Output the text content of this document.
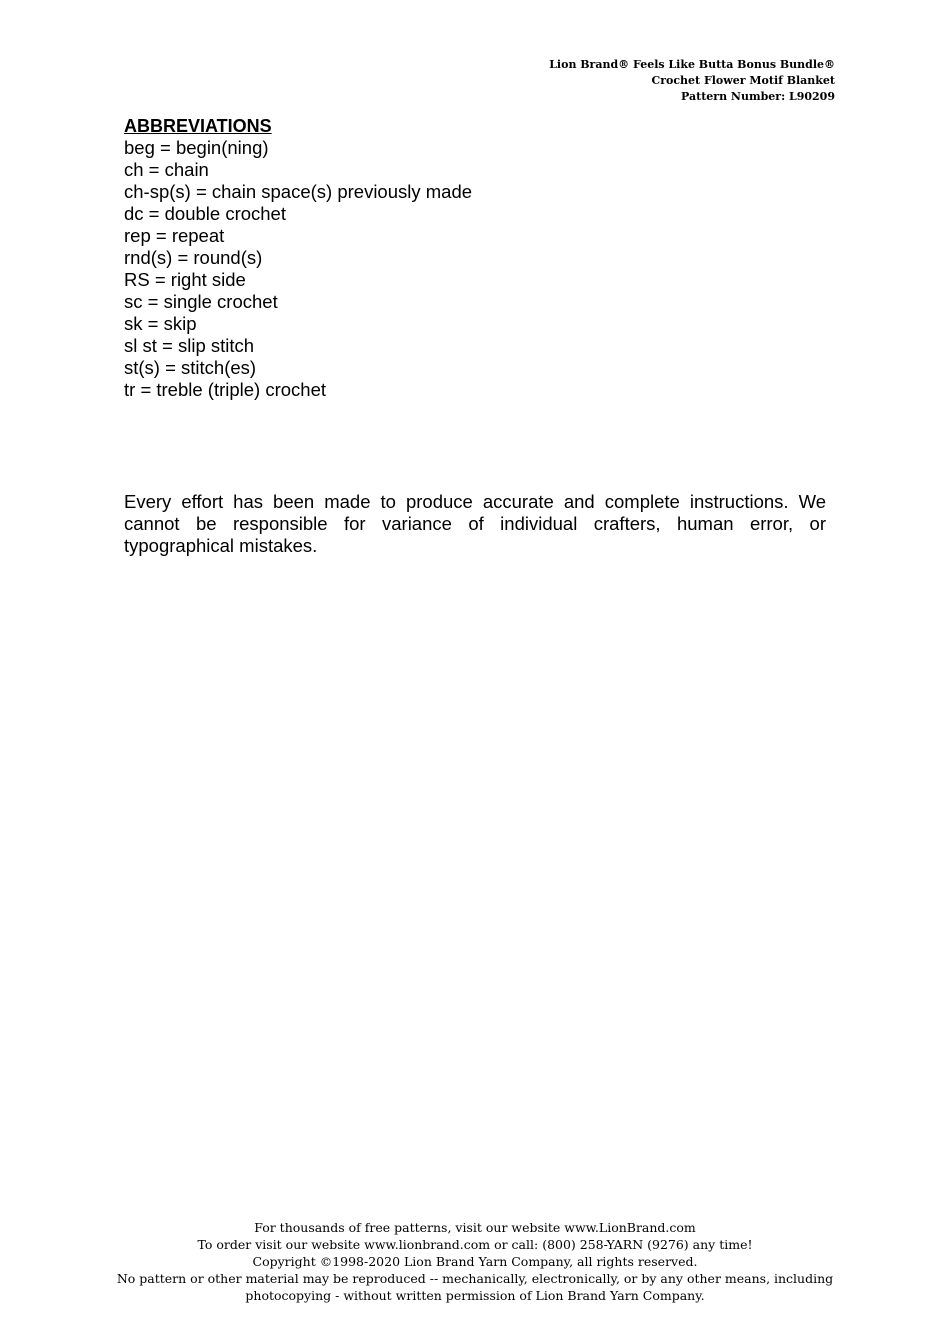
Lion Brand® Feels Like Butta Bonus Bundle®
Crochet Flower Motif Blanket
Pattern Number: L90209
ABBREVIATIONS
beg = begin(ning)
ch = chain
ch-sp(s) = chain space(s) previously made
dc = double crochet
rep = repeat
rnd(s) = round(s)
RS = right side
sc = single crochet
sk = skip
sl st = slip stitch
st(s) = stitch(es)
tr = treble (triple) crochet

Every effort has been made to produce accurate and complete instructions. We cannot be responsible for variance of individual crafters, human error, or typographical mistakes.

For thousands of free patterns, visit our website www.LionBrand.com
To order visit our website www.lionbrand.com or call: (800) 258-YARN (9276) any time!
Copyright ©1998-2020 Lion Brand Yarn Company, all rights reserved.
No pattern or other material may be reproduced -- mechanically, electronically, or by any other means, including
photocopying - without written permission of Lion Brand Yarn Company.
